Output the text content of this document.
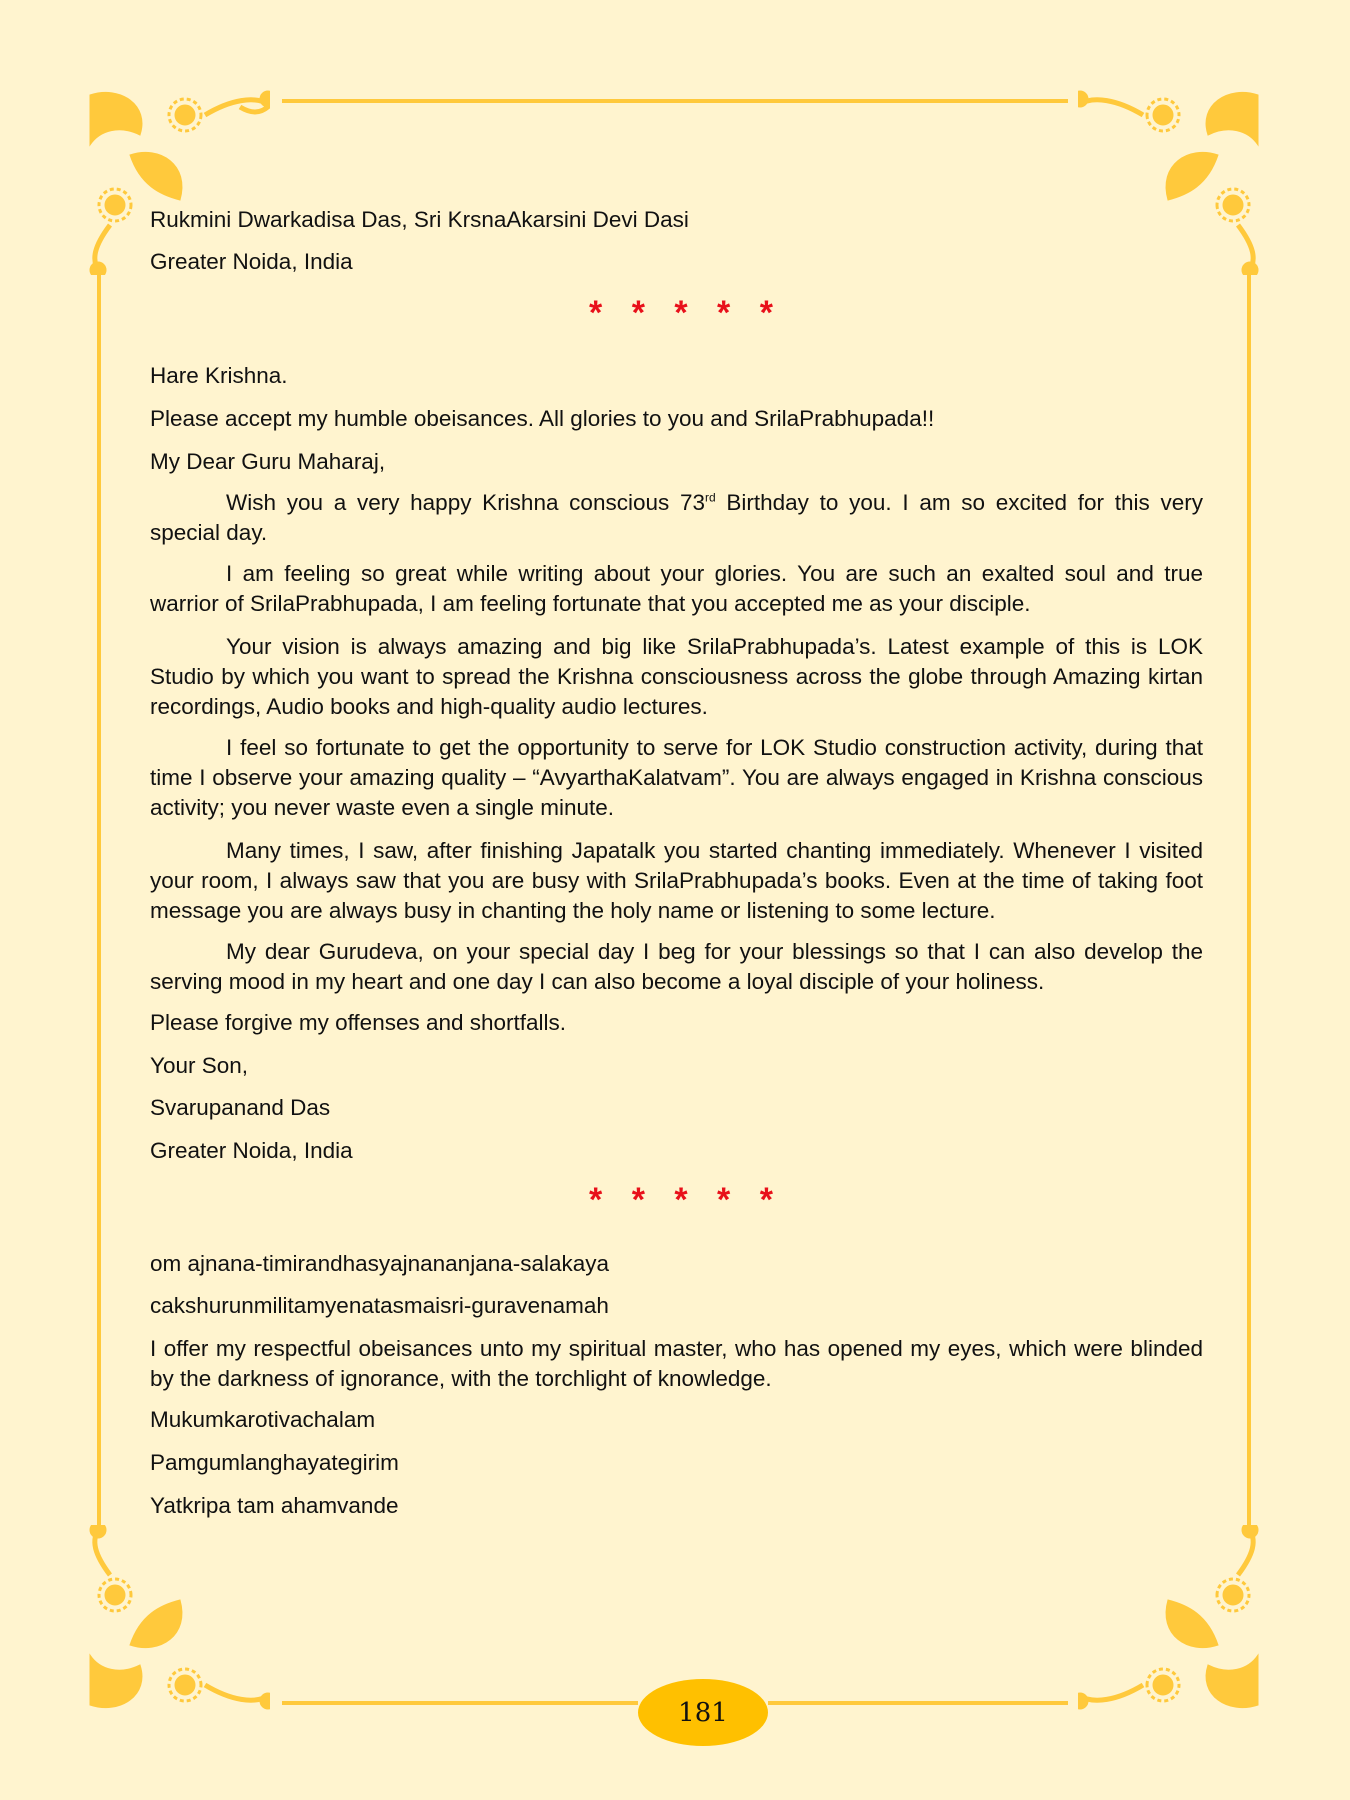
Rukmini Dwarkadisa Das, Sri KrsnaAkarsini Devi Dasi
Greater Noida, India
* * * * *
Hare Krishna.
Please accept my humble obeisances. All glories to you and SrilaPrabhupada!!
My Dear Guru Maharaj,
Wish you a very happy Krishna conscious 73rd Birthday to you. I am so excited for this very special day.
I am feeling so great while writing about your glories. You are such an exalted soul and true warrior of SrilaPrabhupada, I am feeling fortunate that you accepted me as your disciple.
Your vision is always amazing and big like SrilaPrabhupada’s. Latest example of this is LOK Studio by which you want to spread the Krishna consciousness across the globe through Amazing kirtan recordings, Audio books and high-quality audio lectures.
I feel so fortunate to get the opportunity to serve for LOK Studio construction activity, during that time I observe your amazing quality – “AvyarthaKalatvam”. You are always engaged in Krishna conscious activity; you never waste even a single minute.
Many times, I saw, after finishing Japatalk you started chanting immediately. Whenever I visited your room, I always saw that you are busy with SrilaPrabhupada’s books. Even at the time of taking foot message you are always busy in chanting the holy name or listening to some lecture.
My dear Gurudeva, on your special day I beg for your blessings so that I can also develop the serving mood in my heart and one day I can also become a loyal disciple of your holiness.
Please forgive my offenses and shortfalls.
Your Son,
Svarupanand Das
Greater Noida, India
* * * * *
om ajnana-timirandhasyajnananjana-salakaya
cakshurunmilitamyenatasmaisri-guravenamah
I offer my respectful obeisances unto my spiritual master, who has opened my eyes, which were blinded by the darkness of ignorance, with the torchlight of knowledge.
Mukumkarotivachalam
Pamgumlanghayategirim
Yatkripa tam ahamvande
181
